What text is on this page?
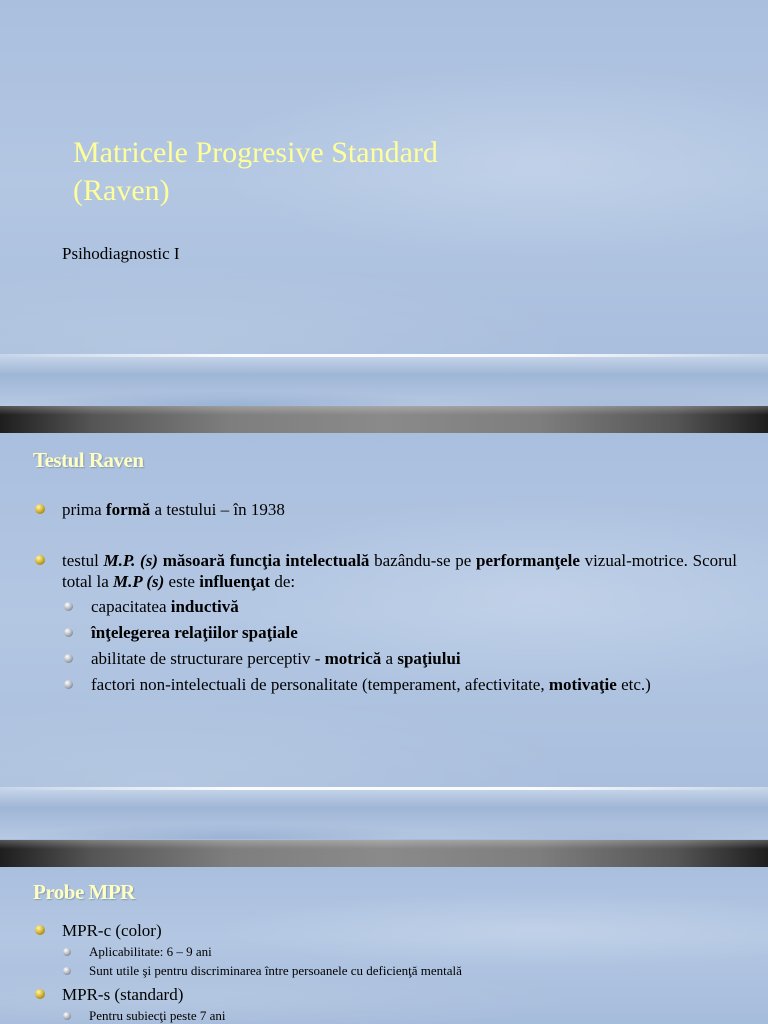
Matricele Progresive Standard
(Raven)

Psihodiagnostic I

Testul Raven
prima formă a testului – în 1938
testul M.P. (s) măsoară funcţia intelectuală bazându-se pe performanţele vizual-motrice. Scorul total la M.P (s) este influenţat de:
capacitatea inductivă
înţelegerea relaţiilor spaţiale
abilitate de structurare perceptiv - motrică a spaţiului
factori non-intelectuali de personalitate (temperament, afectivitate, motivaţie etc.)
Probe MPR
MPR-c (color)
Aplicabilitate: 6 – 9 ani
Sunt utile şi pentru discriminarea între persoanele cu deficienţă mentală
MPR-s (standard)
Pentru subiecţi peste 7 ani
